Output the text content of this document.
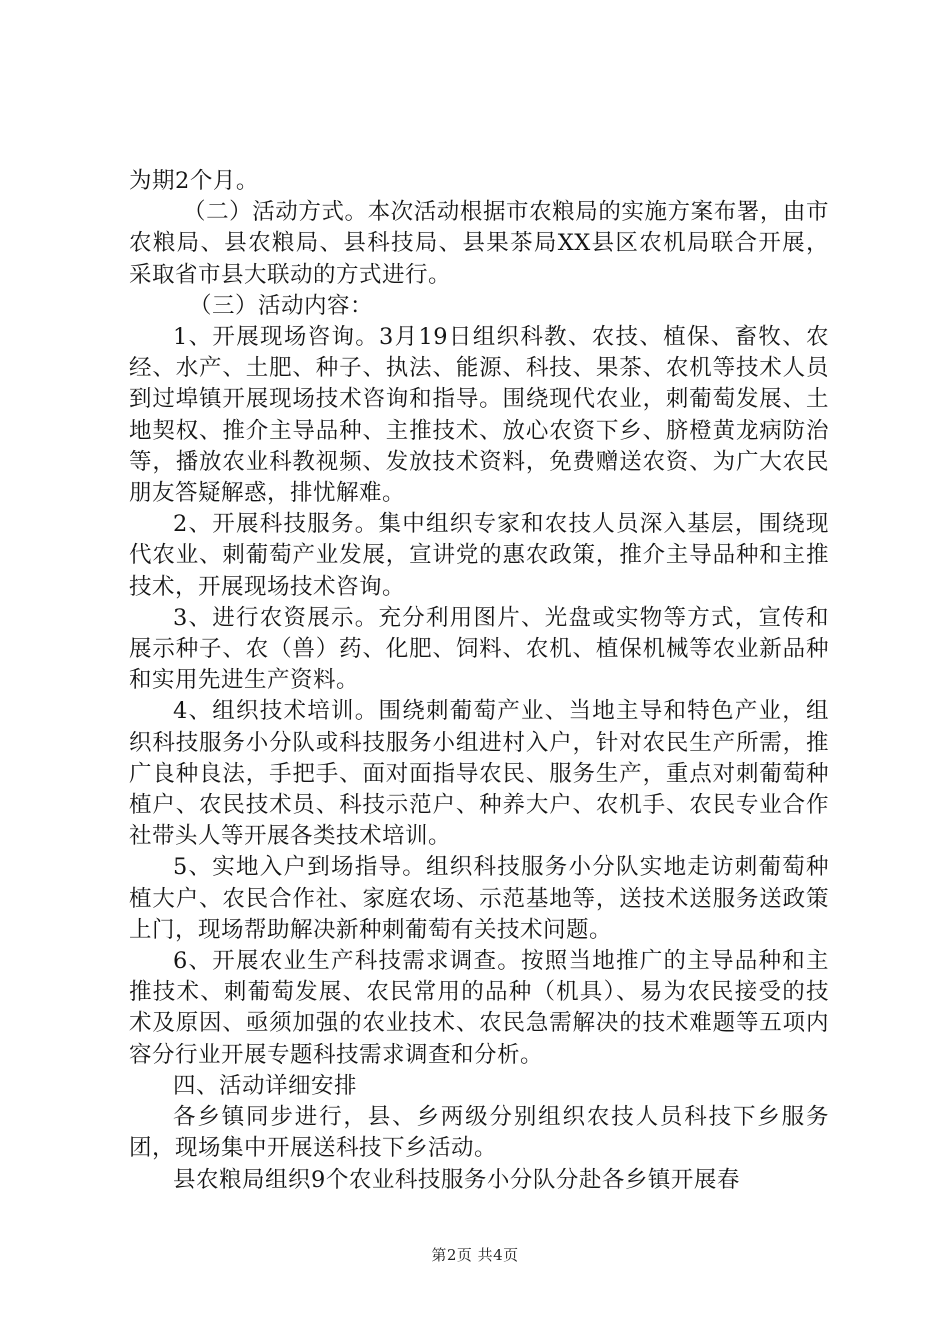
为期2个月。

（二）活动方式。本次活动根据市农粮局的实施方案布署，由市农粮局、县农粮局、县科技局、县果茶局XX县区农机局联合开展，采取省市县大联动的方式进行。

（三）活动内容：

1、开展现场咨询。3月19日组织科教、农技、植保、畜牧、农经、水产、土肥、种子、执法、能源、科技、果茶、农机等技术人员到过埠镇开展现场技术咨询和指导。围绕现代农业，刺葡萄发展、土地契权、推介主导品种、主推技术、放心农资下乡、脐橙黄龙病防治等，播放农业科教视频、发放技术资料，免费赠送农资、为广大农民朋友答疑解惑，排忧解难。

2、开展科技服务。集中组织专家和农技人员深入基层，围绕现代农业、刺葡萄产业发展，宣讲党的惠农政策，推介主导品种和主推技术，开展现场技术咨询。

3、进行农资展示。充分利用图片、光盘或实物等方式，宣传和展示种子、农（兽）药、化肥、饲料、农机、植保机械等农业新品种和实用先进生产资料。

4、组织技术培训。围绕刺葡萄产业、当地主导和特色产业，组织科技服务小分队或科技服务小组进村入户，针对农民生产所需，推广良种良法，手把手、面对面指导农民、服务生产，重点对刺葡萄种植户、农民技术员、科技示范户、种养大户、农机手、农民专业合作社带头人等开展各类技术培训。

5、实地入户到场指导。组织科技服务小分队实地走访刺葡萄种植大户、农民合作社、家庭农场、示范基地等，送技术送服务送政策上门，现场帮助解决新种刺葡萄有关技术问题。

6、开展农业生产科技需求调查。按照当地推广的主导品种和主推技术、刺葡萄发展、农民常用的品种（机具）、易为农民接受的技术及原因、亟须加强的农业技术、农民急需解决的技术难题等五项内容分行业开展专题科技需求调查和分析。

四、活动详细安排

各乡镇同步进行，县、乡两级分别组织农技人员科技下乡服务团，现场集中开展送科技下乡活动。

县农粮局组织9个农业科技服务小分队分赴各乡镇开展春

第2页 共4页
